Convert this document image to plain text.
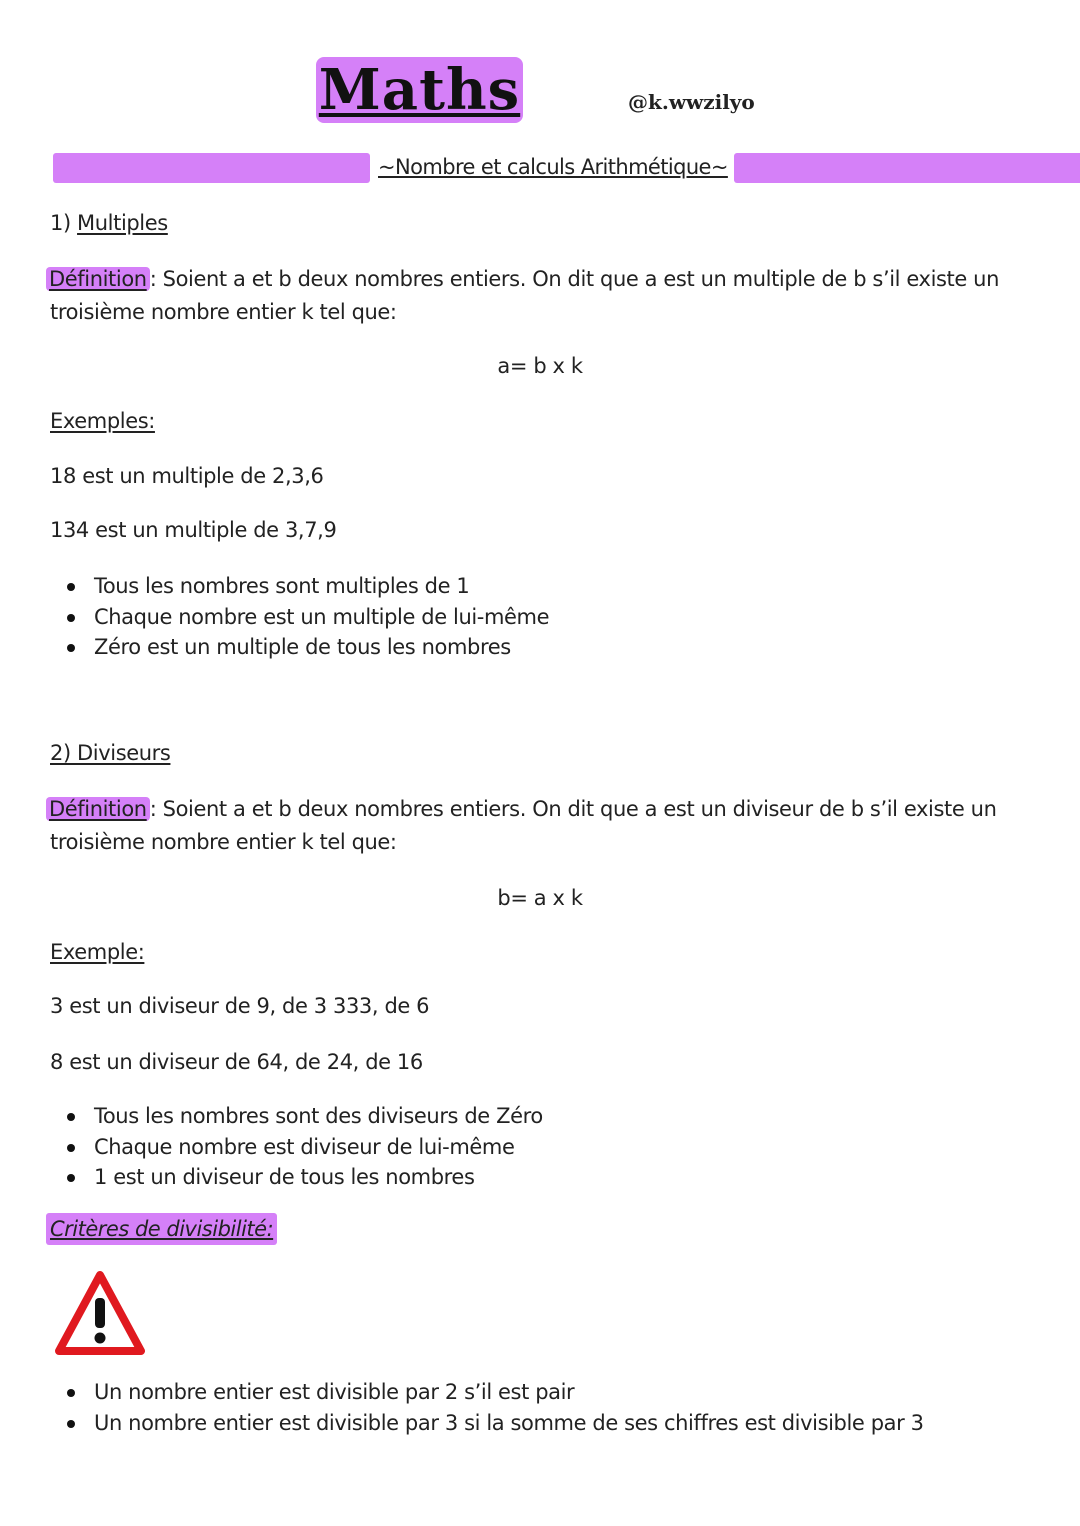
Maths	@k.wwzilyo
~Nombre et calculs Arithmétique~
1) Multiples
Définition : Soient a et b deux nombres entiers. On dit que a est un multiple de b s’il existe un troisième nombre entier k tel que:
a= b x k
Exemples:
18 est un multiple de 2,3,6
134 est un multiple de 3,7,9
Tous les nombres sont multiples de 1
Chaque nombre est un multiple de lui-même
Zéro est un multiple de tous les nombres
2) Diviseurs
Définition : Soient a et b deux nombres entiers. On dit que a est un diviseur de b s’il existe un troisième nombre entier k tel que:
b= a x k
Exemple:
3 est un diviseur de 9, de 3 333, de 6
8 est un diviseur de 64, de 24, de 16
Tous les nombres sont des diviseurs de Zéro
Chaque nombre est diviseur de lui-même
1 est un diviseur de tous les nombres
Critères de divisibilité:
Un nombre entier est divisible par 2 s’il est pair
Un nombre entier est divisible par 3 si la somme de ses chiffres est divisible par 3
